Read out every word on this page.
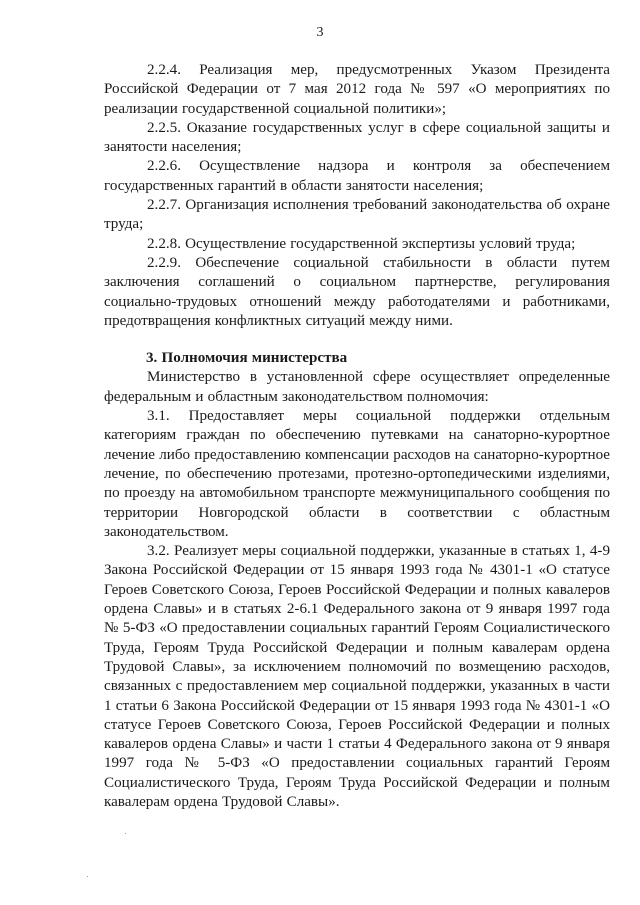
3

2.2.4. Реализация мер, предусмотренных Указом Президента Российской Федерации от 7 мая 2012 года № 597 «О мероприятиях по реализации государственной социальной политики»;

2.2.5. Оказание государственных услуг в сфере социальной защиты и занятости населения;

2.2.6. Осуществление надзора и контроля за обеспечением государственных гарантий в области занятости населения;

2.2.7. Организация исполнения требований законодательства об охране труда;

2.2.8. Осуществление государственной экспертизы условий труда;

2.2.9. Обеспечение социальной стабильности в области путем заключения соглашений о социальном партнерстве, регулирования социально-трудовых отношений между работодателями и работниками, предотвращения конфликтных ситуаций между ними.

3. Полномочия министерства

Министерство в установленной сфере осуществляет определенные федеральным и областным законодательством полномочия:

3.1. Предоставляет меры социальной поддержки отдельным категориям граждан по обеспечению путевками на санаторно-курортное лечение либо предоставлению компенсации расходов на санаторно-курортное лечение, по обеспечению протезами, протезно-ортопедическими изделиями, по проезду на автомобильном транспорте межмуниципального сообщения по территории Новгородской области в соответствии с областным законодательством.

3.2. Реализует меры социальной поддержки, указанные в статьях 1, 4-9 Закона Российской Федерации от 15 января 1993 года № 4301-1 «О статусе Героев Советского Союза, Героев Российской Федерации и полных кавалеров ордена Славы» и в статьях 2-6.1 Федерального закона от 9 января 1997 года № 5-ФЗ «О предоставлении социальных гарантий Героям Социалистического Труда, Героям Труда Российской Федерации и полным кавалерам ордена Трудовой Славы», за исключением полномочий по возмещению расходов, связанных с предоставлением мер социальной поддержки, указанных в части 1 статьи 6 Закона Российской Федерации от 15 января 1993 года № 4301-1 «О статусе Героев Советского Союза, Героев Российской Федерации и полных кавалеров ордена Славы» и части 1 статьи 4 Федерального закона от 9 января 1997 года № 5-ФЗ «О предоставлении социальных гарантий Героям Социалистического Труда, Героям Труда Российской Федерации и полным кавалерам ордена Трудовой Славы».
